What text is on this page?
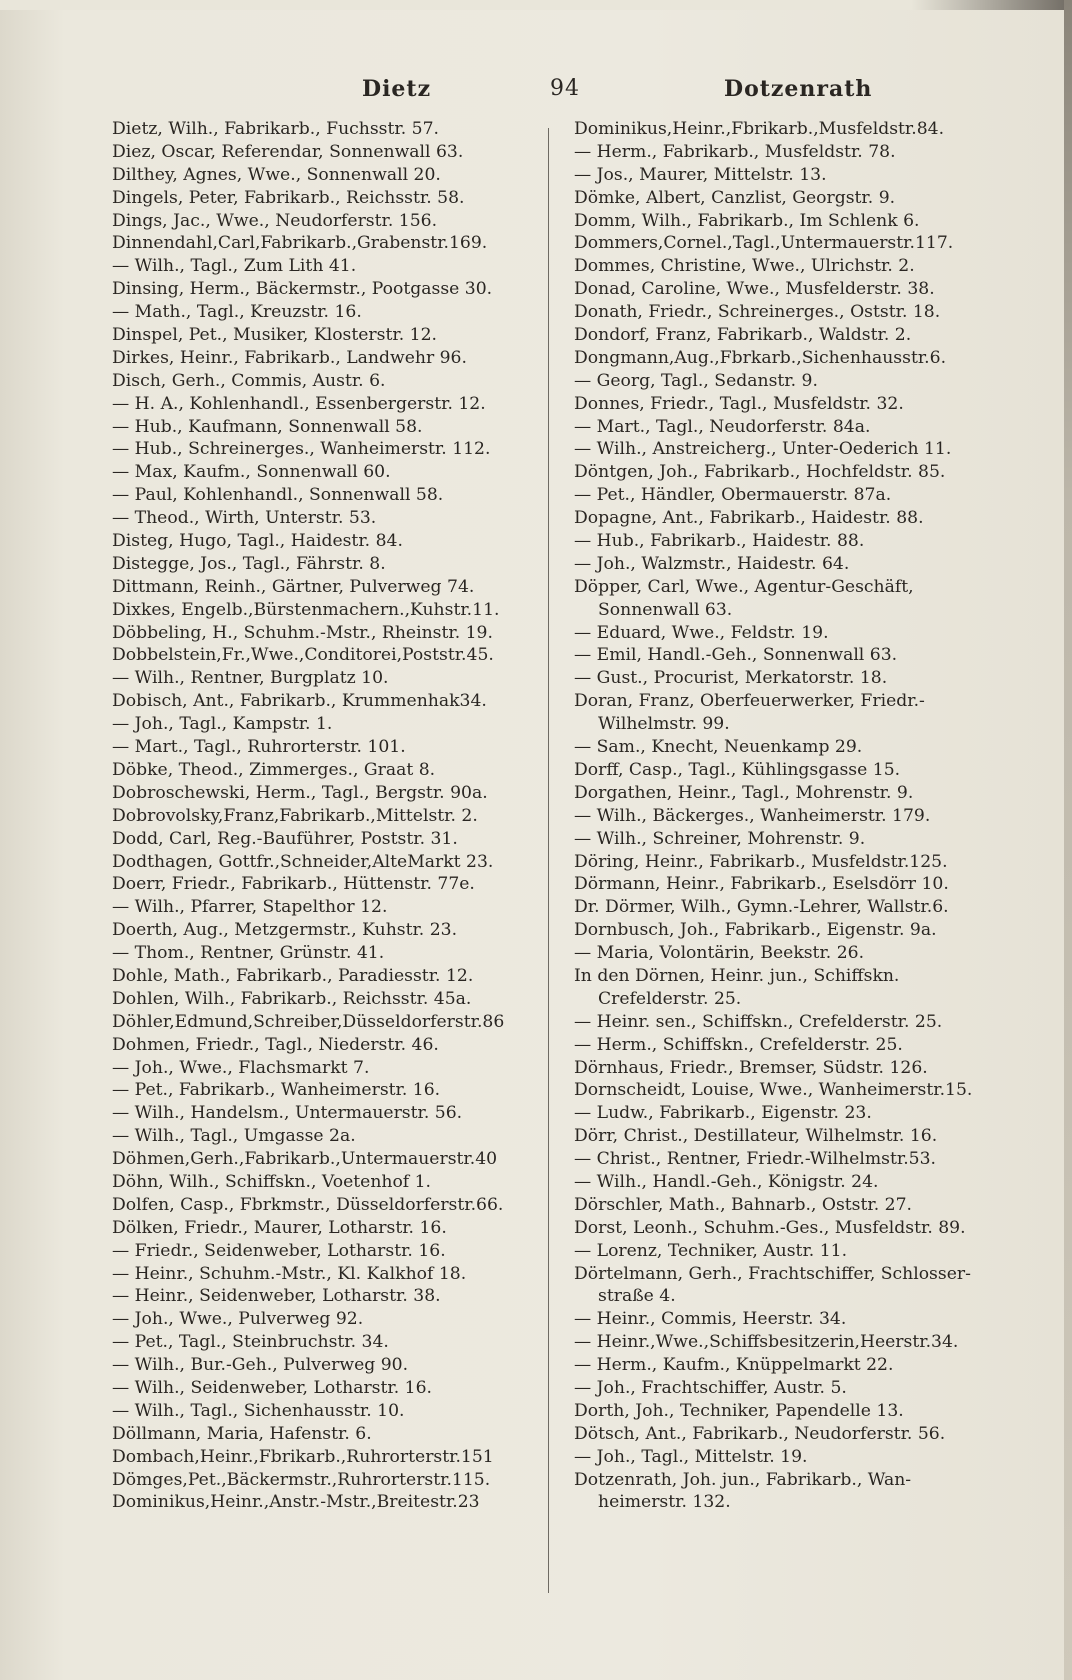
Dietz	94	Dotzenrath
Dietz, Wilh., Fabrikarb., Fuchsstr. 57.
Diez, Oscar, Referendar, Sonnenwall 63.
Dilthey, Agnes, Wwe., Sonnenwall 20.
Dingels, Peter, Fabrikarb., Reichsstr. 58.
Dings, Jac., Wwe., Neudorferstr. 156.
Dinnendahl,Carl,Fabrikarb.,Grabenstr.169.
— Wilh., Tagl., Zum Lith 41.
Dinsing, Herm., Bäckermstr., Pootgasse 30.
— Math., Tagl., Kreuzstr. 16.
Dinspel, Pet., Musiker, Klosterstr. 12.
Dirkes, Heinr., Fabrikarb., Landwehr 96.
Disch, Gerh., Commis, Austr. 6.
— H. A., Kohlenhandl., Essenbergerstr. 12.
— Hub., Kaufmann, Sonnenwall 58.
— Hub., Schreinerges., Wanheimerstr. 112.
— Max, Kaufm., Sonnenwall 60.
— Paul, Kohlenhandl., Sonnenwall 58.
— Theod., Wirth, Unterstr. 53.
Disteg, Hugo, Tagl., Haidestr. 84.
Distegge, Jos., Tagl., Fährstr. 8.
Dittmann, Reinh., Gärtner, Pulverweg 74.
Dixkes, Engelb.,Bürstenmachern.,Kuhstr.11.
Döbbeling, H., Schuhm.-Mstr., Rheinstr. 19.
Dobbelstein,Fr.,Wwe.,Conditorei,Poststr.45.
— Wilh., Rentner, Burgplatz 10.
Dobisch, Ant., Fabrikarb., Krummenhak34.
— Joh., Tagl., Kampstr. 1.
— Mart., Tagl., Ruhrorterstr. 101.
Döbke, Theod., Zimmerges., Graat 8.
Dobroschewski, Herm., Tagl., Bergstr. 90a.
Dobrovolsky,Franz,Fabrikarb.,Mittelstr. 2.
Dodd, Carl, Reg.-Bauführer, Poststr. 31.
Dodthagen, Gottfr.,Schneider,AlteMarkt 23.
Doerr, Friedr., Fabrikarb., Hüttenstr. 77e.
— Wilh., Pfarrer, Stapelthor 12.
Doerth, Aug., Metzgermstr., Kuhstr. 23.
— Thom., Rentner, Grünstr. 41.
Dohle, Math., Fabrikarb., Paradiesstr. 12.
Dohlen, Wilh., Fabrikarb., Reichsstr. 45a.
Döhler,Edmund,Schreiber,Düsseldorferstr.86
Dohmen, Friedr., Tagl., Niederstr. 46.
— Joh., Wwe., Flachsmarkt 7.
— Pet., Fabrikarb., Wanheimerstr. 16.
— Wilh., Handelsm., Untermauerstr. 56.
— Wilh., Tagl., Umgasse 2a.
Döhmen,Gerh.,Fabrikarb.,Untermauerstr.40
Döhn, Wilh., Schiffskn., Voetenhof 1.
Dolfen, Casp., Fbrkmstr., Düsseldorferstr.66.
Dölken, Friedr., Maurer, Lotharstr. 16.
— Friedr., Seidenweber, Lotharstr. 16.
— Heinr., Schuhm.-Mstr., Kl. Kalkhof 18.
— Heinr., Seidenweber, Lotharstr. 38.
— Joh., Wwe., Pulverweg 92.
— Pet., Tagl., Steinbruchstr. 34.
— Wilh., Bur.-Geh., Pulverweg 90.
— Wilh., Seidenweber, Lotharstr. 16.
— Wilh., Tagl., Sichenhausstr. 10.
Döllmann, Maria, Hafenstr. 6.
Dombach,Heinr.,Fbrikarb.,Ruhrorterstr.151
Dömges,Pet.,Bäckermstr.,Ruhrorterstr.115.
Dominikus,Heinr.,Anstr.-Mstr.,Breitestr.23
Dominikus,Heinr.,Fbrikarb.,Musfeldstr.84.
— Herm., Fabrikarb., Musfeldstr. 78.
— Jos., Maurer, Mittelstr. 13.
Dömke, Albert, Canzlist, Georgstr. 9.
Domm, Wilh., Fabrikarb., Im Schlenk 6.
Dommers,Cornel.,Tagl.,Untermauerstr.117.
Dommes, Christine, Wwe., Ulrichstr. 2.
Donad, Caroline, Wwe., Musfelderstr. 38.
Donath, Friedr., Schreinerges., Oststr. 18.
Dondorf, Franz, Fabrikarb., Waldstr. 2.
Dongmann,Aug.,Fbrkarb.,Sichenhausstr.6.
— Georg, Tagl., Sedanstr. 9.
Donnes, Friedr., Tagl., Musfeldstr. 32.
— Mart., Tagl., Neudorferstr. 84a.
— Wilh., Anstreicherg., Unter-Oederich 11.
Döntgen, Joh., Fabrikarb., Hochfeldstr. 85.
— Pet., Händler, Obermauerstr. 87a.
Dopagne, Ant., Fabrikarb., Haidestr. 88.
— Hub., Fabrikarb., Haidestr. 88.
— Joh., Walzmstr., Haidestr. 64.
Döpper, Carl, Wwe., Agentur-Geschäft,
Sonnenwall 63.
— Eduard, Wwe., Feldstr. 19.
— Emil, Handl.-Geh., Sonnenwall 63.
— Gust., Procurist, Merkatorstr. 18.
Doran, Franz, Oberfeuerwerker, Friedr.-
Wilhelmstr. 99.
— Sam., Knecht, Neuenkamp 29.
Dorff, Casp., Tagl., Kühlingsgasse 15.
Dorgathen, Heinr., Tagl., Mohrenstr. 9.
— Wilh., Bäckerges., Wanheimerstr. 179.
— Wilh., Schreiner, Mohrenstr. 9.
Döring, Heinr., Fabrikarb., Musfeldstr.125.
Dörmann, Heinr., Fabrikarb., Eselsdörr 10.
Dr. Dörmer, Wilh., Gymn.-Lehrer, Wallstr.6.
Dornbusch, Joh., Fabrikarb., Eigenstr. 9a.
— Maria, Volontärin, Beekstr. 26.
In den Dörnen, Heinr. jun., Schiffskn.
Crefelderstr. 25.
— Heinr. sen., Schiffskn., Crefelderstr. 25.
— Herm., Schiffskn., Crefelderstr. 25.
Dörnhaus, Friedr., Bremser, Südstr. 126.
Dornscheidt, Louise, Wwe., Wanheimerstr.15.
— Ludw., Fabrikarb., Eigenstr. 23.
Dörr, Christ., Destillateur, Wilhelmstr. 16.
— Christ., Rentner, Friedr.-Wilhelmstr.53.
— Wilh., Handl.-Geh., Königstr. 24.
Dörschler, Math., Bahnarb., Oststr. 27.
Dorst, Leonh., Schuhm.-Ges., Musfeldstr. 89.
— Lorenz, Techniker, Austr. 11.
Dörtelmann, Gerh., Frachtschiffer, Schlosser-
straße 4.
— Heinr., Commis, Heerstr. 34.
— Heinr.,Wwe.,Schiffsbesitzerin,Heerstr.34.
— Herm., Kaufm., Knüppelmarkt 22.
— Joh., Frachtschiffer, Austr. 5.
Dorth, Joh., Techniker, Papendelle 13.
Dötsch, Ant., Fabrikarb., Neudorferstr. 56.
— Joh., Tagl., Mittelstr. 19.
Dotzenrath, Joh. jun., Fabrikarb., Wan-
heimerstr. 132.
